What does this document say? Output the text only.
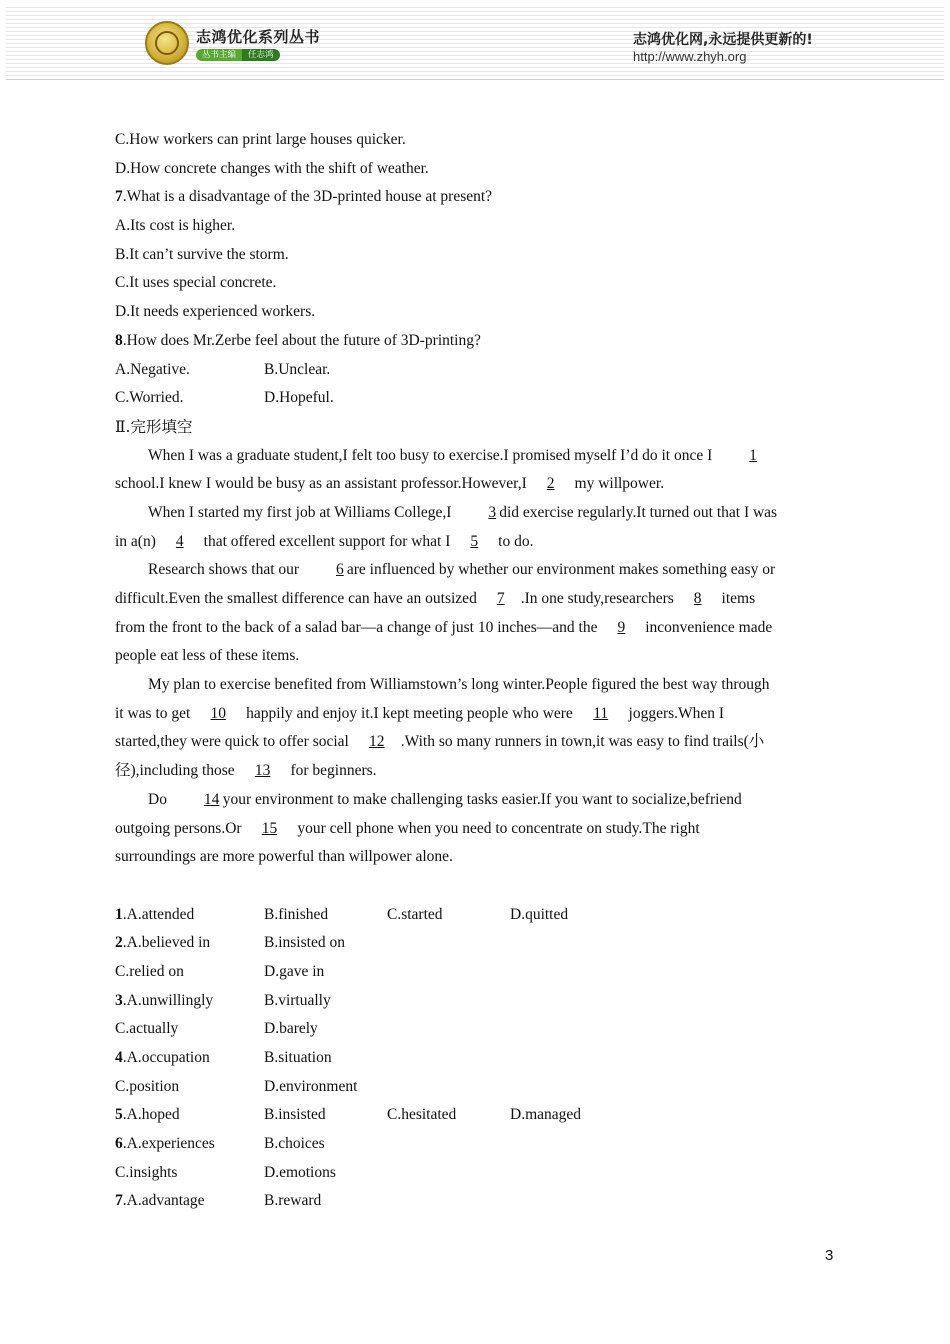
志鸿优化系列丛书
丛书主编 任志鸿
志鸿优化网,永远提供更新的!
http://www.zhyh.org
C.How workers can print large houses quicker.
D.How concrete changes with the shift of weather.
7.What is a disadvantage of the 3D-printed house at present?
A.Its cost is higher.
B.It can’t survive the storm.
C.It uses special concrete.
D.It needs experienced workers.
8.How does Mr.Zerbe feel about the future of 3D-printing?
A.Negative.	B.Unclear.
C.Worried.	D.Hopeful.
Ⅱ.完形填空
When I was a graduate student,I felt too busy to exercise.I promised myself I’d do it once I 1
school.I knew I would be busy as an assistant professor.However,I 2 my willpower.
When I started my first job at Williams College,I 3 did exercise regularly.It turned out that I was
in a(n) 4 that offered excellent support for what I 5 to do.
Research shows that our 6 are influenced by whether our environment makes something easy or
difficult.Even the smallest difference can have an outsized 7 .In one study,researchers 8 items
from the front to the back of a salad bar—a change of just 10 inches—and the 9 inconvenience made
people eat less of these items.
My plan to exercise benefited from Williamstown’s long winter.People figured the best way through
it was to get 10 happily and enjoy it.I kept meeting people who were 11 joggers.When I
started,they were quick to offer social 12 .With so many runners in town,it was easy to find trails(小
径),including those 13 for beginners.
Do 14 your environment to make challenging tasks easier.If you want to socialize,befriend
outgoing persons.Or 15 your cell phone when you need to concentrate on study.The right
surroundings are more powerful than willpower alone.
1.A.attended	B.finished	C.started	D.quitted
2.A.believed in	B.insisted on
C.relied on	D.gave in
3.A.unwillingly	B.virtually
C.actually	D.barely
4.A.occupation	B.situation
C.position	D.environment
5.A.hoped	B.insisted	C.hesitated	D.managed
6.A.experiences	B.choices
C.insights	D.emotions
7.A.advantage	B.reward
3
